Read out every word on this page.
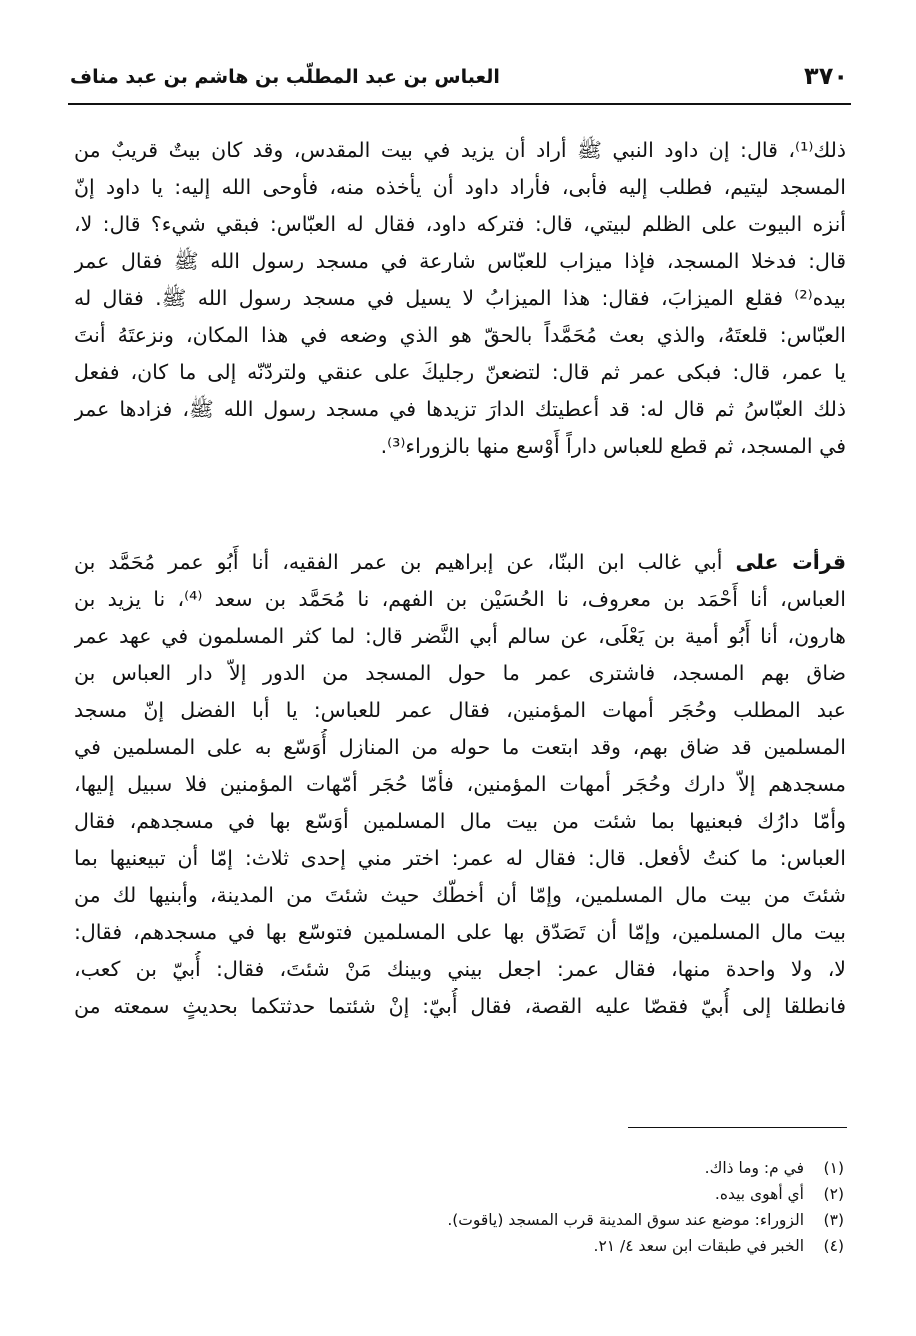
٣٧٠
العباس بن عبد المطلّب بن هاشم بن عبد مناف
ذلك⁽¹⁾، قال: إن داود النبي ﷺ أراد أن يزيد في بيت المقدس، وقد كان بيتٌ قريبٌ من
المسجد ليتيم، فطلب إليه فأبى، فأراد داود أن يأخذه منه، فأوحى الله إليه: يا داود إنّ
أنزه البيوت على الظلم لبيتي، قال: فتركه داود، فقال له العبّاس: فبقي شيء؟ قال: لا،
قال: فدخلا المسجد، فإذا ميزاب للعبّاس شارعة في مسجد رسول الله ﷺ فقال عمر
بيده⁽²⁾ فقلع الميزابَ، فقال: هذا الميزابُ لا يسيل في مسجد رسول الله ﷺ. فقال له
العبّاس: قلعتَهُ، والذي بعث مُحَمَّداً بالحقّ هو الذي وضعه في هذا المكان، ونزعتَهُ أنتَ
يا عمر، قال: فبكى عمر ثم قال: لتضعنّ رجليكَ على عنقي ولتردّنّه إلى ما كان، ففعل
ذلك العبّاسُ ثم قال له: قد أعطيتك الدارَ تزيدها في مسجد رسول الله ﷺ، فزادها عمر
في المسجد، ثم قطع للعباس داراً أَوْسع منها بالزوراء⁽³⁾.
قرأت على أبي غالب ابن البنّا، عن إبراهيم بن عمر الفقيه، أنا أَبُو عمر مُحَمَّد بن
العباس، أنا أَحْمَد بن معروف، نا الحُسَيْن بن الفهم، نا مُحَمَّد بن سعد ⁽⁴⁾، نا يزيد بن
هارون، أنا أَبُو أمية بن يَعْلَى، عن سالم أبي النَّضر قال: لما كثر المسلمون في عهد عمر
ضاق بهم المسجد، فاشترى عمر ما حول المسجد من الدور إلاّ دار العباس بن
عبد المطلب وحُجَر أمهات المؤمنين، فقال عمر للعباس: يا أبا الفضل إنّ مسجد
المسلمين قد ضاق بهم، وقد ابتعت ما حوله من المنازل أُوَسّع به على المسلمين في
مسجدهم إلاّ دارك وحُجَر أمهات المؤمنين، فأمّا حُجَر أمّهات المؤمنين فلا سبيل إليها،
وأمّا دارُك فبعنيها بما شئت من بيت مال المسلمين أوَسّع بها في مسجدهم، فقال
العباس: ما كنتُ لأفعل. قال: فقال له عمر: اختر مني إحدى ثلاث: إمّا أن تبيعنيها بما
شئتَ من بيت مال المسلمين، وإمّا أن أخطّك حيث شئتَ من المدينة، وأبنيها لك من
بيت مال المسلمين، وإمّا أن تَصَدّق بها على المسلمين فتوسّع بها في مسجدهم، فقال:
لا، ولا واحدة منها، فقال عمر: اجعل بيني وبينك مَنْ شئتَ، فقال: أُبيّ بن كعب،
فانطلقا إلى أُبيّ فقصّا عليه القصة، فقال أُبيّ: إنْ شئتما حدثتكما بحديثٍ سمعته من
(١)في م: وما ذاك.
(٢)أي أهوى بيده.
(٣)الزوراء: موضع عند سوق المدينة قرب المسجد (ياقوت).
(٤)الخبر في طبقات ابن سعد ٤/ ٢١.
